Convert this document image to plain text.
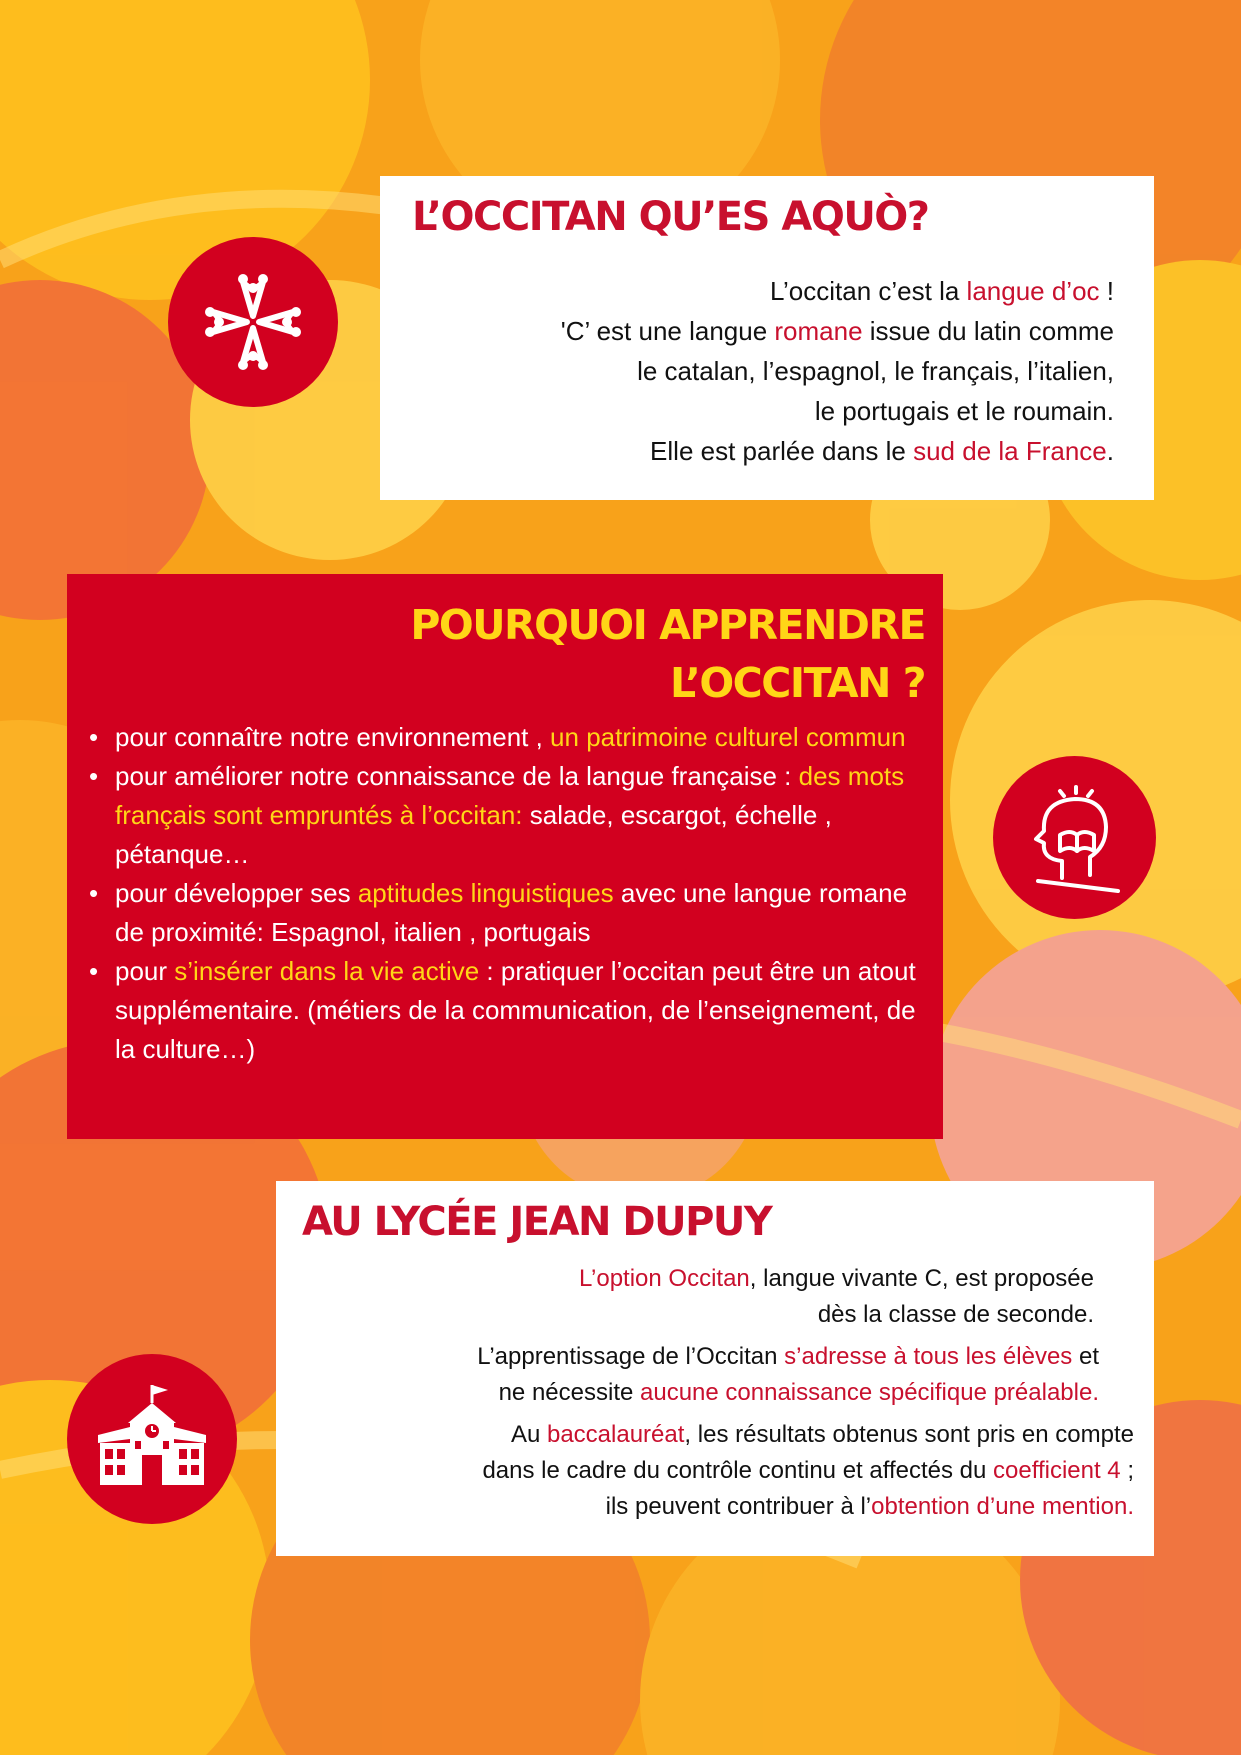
L’OCCITAN QU’ES AQUÒ?
L’occitan c’est la langue d’oc !
'C’ est une langue romane issue du latin comme
le catalan, l’espagnol, le français, l’italien,
le portugais et le roumain.
Elle est parlée dans le sud de la France.
POURQUOI APPRENDRE
L’OCCITAN ?
• pour connaître notre environnement , un patrimoine culturel commun
• pour améliorer notre connaissance de la langue française : des mots français sont empruntés à l’occitan: salade, escargot, échelle , pétanque…
• pour développer ses aptitudes linguistiques avec une langue romane de proximité: Espagnol, italien , portugais
• pour s’insérer dans la vie active : pratiquer l’occitan peut être un atout supplémentaire. (métiers de la communication, de l’enseignement, de la culture…)
AU LYCÉE JEAN DUPUY
L’option Occitan, langue vivante C, est proposée
dès la classe de seconde.
L’apprentissage de l’Occitan s’adresse à tous les élèves et
ne nécessite aucune connaissance spécifique préalable.
Au baccalauréat, les résultats obtenus sont pris en compte
dans le cadre du contrôle continu et affectés du coefficient 4 ;
ils peuvent contribuer à l’obtention d’une mention.
